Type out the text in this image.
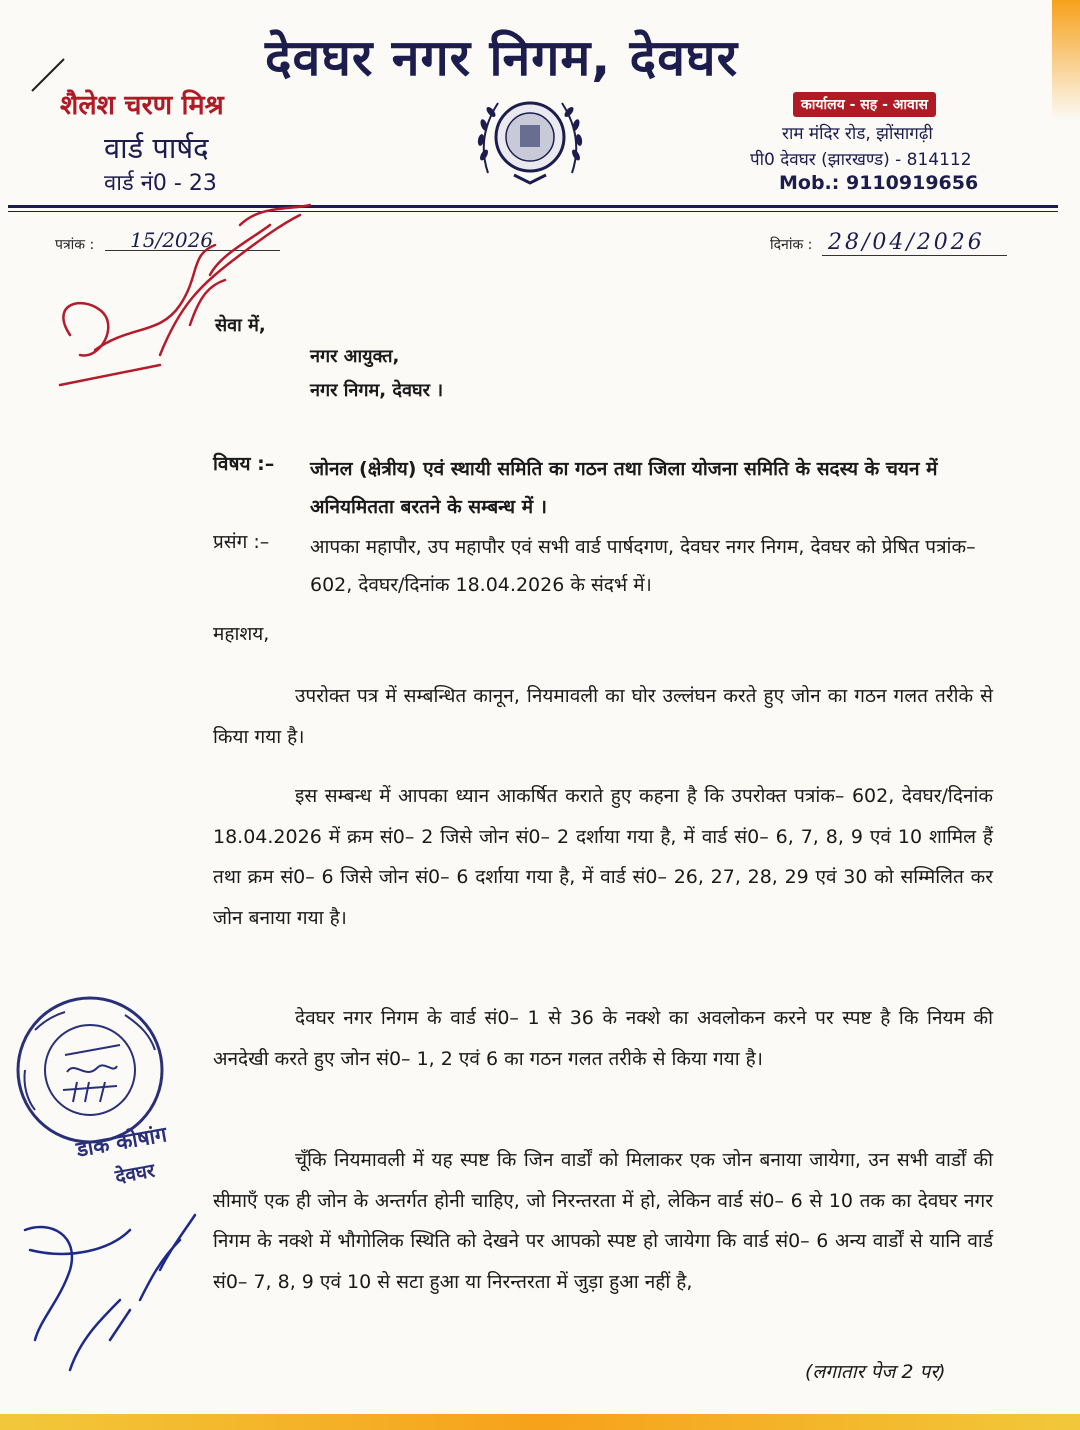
देवघर नगर निगम, देवघर
शैलेश चरण मिश्र
वार्ड पार्षद
वार्ड नं0 - 23
कार्यालय - सह - आवास
राम मंदिर रोड, झोंसागढ़ी
पी0 देवघर (झारखण्ड) - 814112
Mob.: 9110919656
पत्रांक : 15/2026	दिनांक : 28/04/2026
सेवा में,
नगर आयुक्त,
नगर निगम, देवघर ।
विषय :– जोनल (क्षेत्रीय) एवं स्थायी समिति का गठन तथा जिला योजना समिति के सदस्य के चयन में अनियमितता बरतने के सम्बन्ध में ।
प्रसंग :– आपका महापौर, उप महापौर एवं सभी वार्ड पार्षदगण, देवघर नगर निगम, देवघर को प्रेषित पत्रांक– 602, देवघर/दिनांक 18.04.2026 के संदर्भ में।
महाशय,
उपरोक्त पत्र में सम्बन्धित कानून, नियमावली का घोर उल्लंघन करते हुए जोन का गठन गलत तरीके से किया गया है।
इस सम्बन्ध में आपका ध्यान आकर्षित कराते हुए कहना है कि उपरोक्त पत्रांक– 602, देवघर/दिनांक 18.04.2026 में क्रम सं0– 2 जिसे जोन सं0– 2 दर्शाया गया है, में वार्ड सं0– 6, 7, 8, 9 एवं 10 शामिल हैं तथा क्रम सं0– 6 जिसे जोन सं0– 6 दर्शाया गया है, में वार्ड सं0– 26, 27, 28, 29 एवं 30 को सम्मिलित कर जोन बनाया गया है।
देवघर नगर निगम के वार्ड सं0– 1 से 36 के नक्शे का अवलोकन करने पर स्पष्ट है कि नियम की अनदेखी करते हुए जोन सं0– 1, 2 एवं 6 का गठन गलत तरीके से किया गया है।
चूँकि नियमावली में यह स्पष्ट कि जिन वार्डों को मिलाकर एक जोन बनाया जायेगा, उन सभी वार्डों की सीमाएँ एक ही जोन के अन्तर्गत होनी चाहिए, जो निरन्तरता में हो, लेकिन वार्ड सं0– 6 से 10 तक का देवघर नगर निगम के नक्शे में भौगोलिक स्थिति को देखने पर आपको स्पष्ट हो जायेगा कि वार्ड सं0– 6 अन्य वार्डों से यानि वार्ड सं0– 7, 8, 9 एवं 10 से सटा हुआ या निरन्तरता में जुड़ा हुआ नहीं है,
डाक कोषांग
देवघर
(लगातार पेज 2 पर)
